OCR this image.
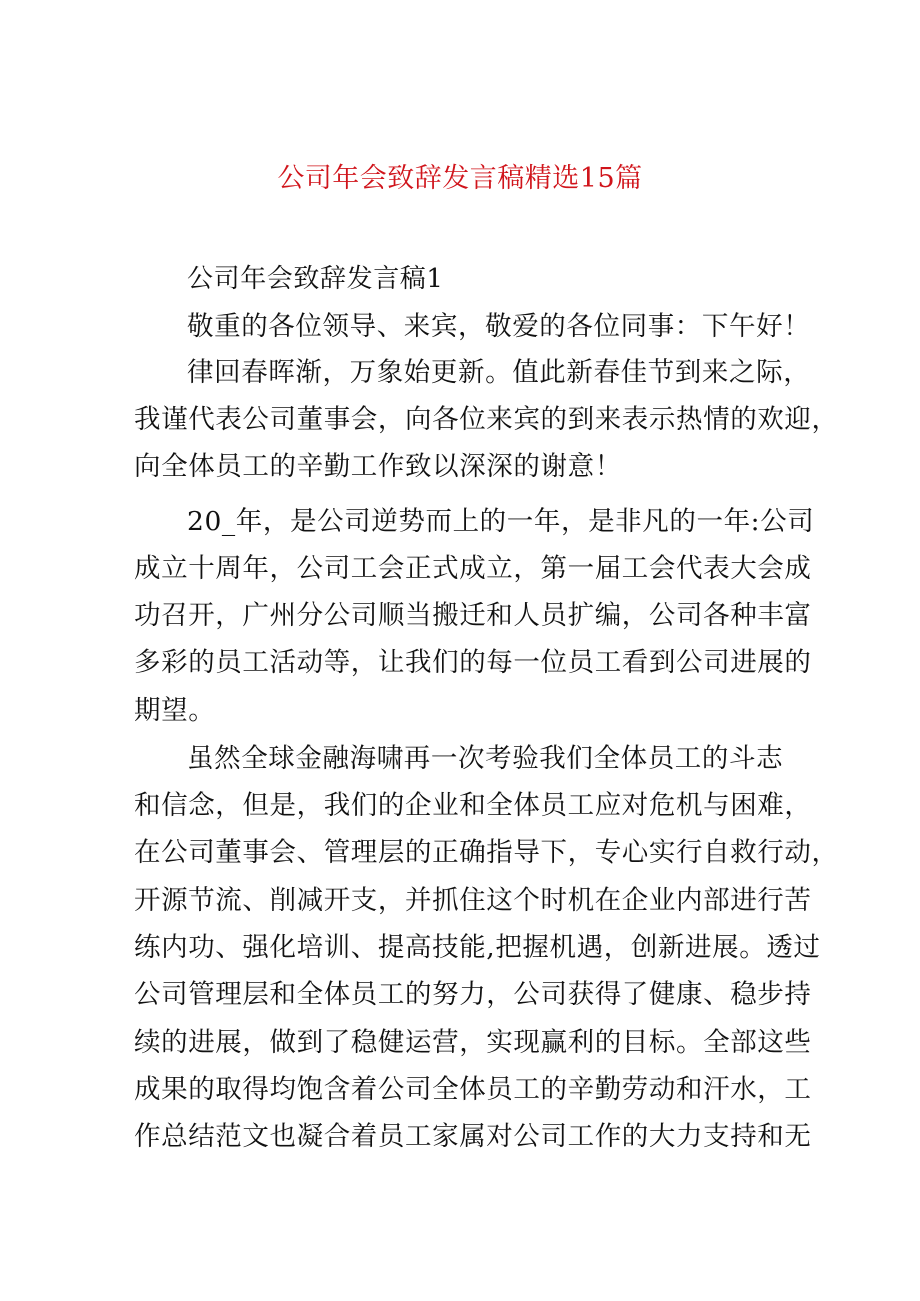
公司年会致辞发言稿精选15篇
公司年会致辞发言稿1
敬重的各位领导、来宾，敬爱的各位同事：下午好！
律回春晖渐，万象始更新。值此新春佳节到来之际，
我谨代表公司董事会，向各位来宾的到来表示热情的欢迎，
向全体员工的辛勤工作致以深深的谢意！
20_年，是公司逆势而上的一年，是非凡的一年:公司
成立十周年，公司工会正式成立，第一届工会代表大会成
功召开，广州分公司顺当搬迁和人员扩编，公司各种丰富
多彩的员工活动等，让我们的每一位员工看到公司进展的
期望。
虽然全球金融海啸再一次考验我们全体员工的斗志
和信念，但是，我们的企业和全体员工应对危机与困难，
在公司董事会、管理层的正确指导下，专心实行自救行动，
开源节流、削减开支，并抓住这个时机在企业内部进行苦
练内功、强化培训、提高技能,把握机遇，创新进展。透过
公司管理层和全体员工的努力，公司获得了健康、稳步持
续的进展，做到了稳健运营，实现赢利的目标。全部这些
成果的取得均饱含着公司全体员工的辛勤劳动和汗水，工
作总结范文也凝合着员工家属对公司工作的大力支持和无
